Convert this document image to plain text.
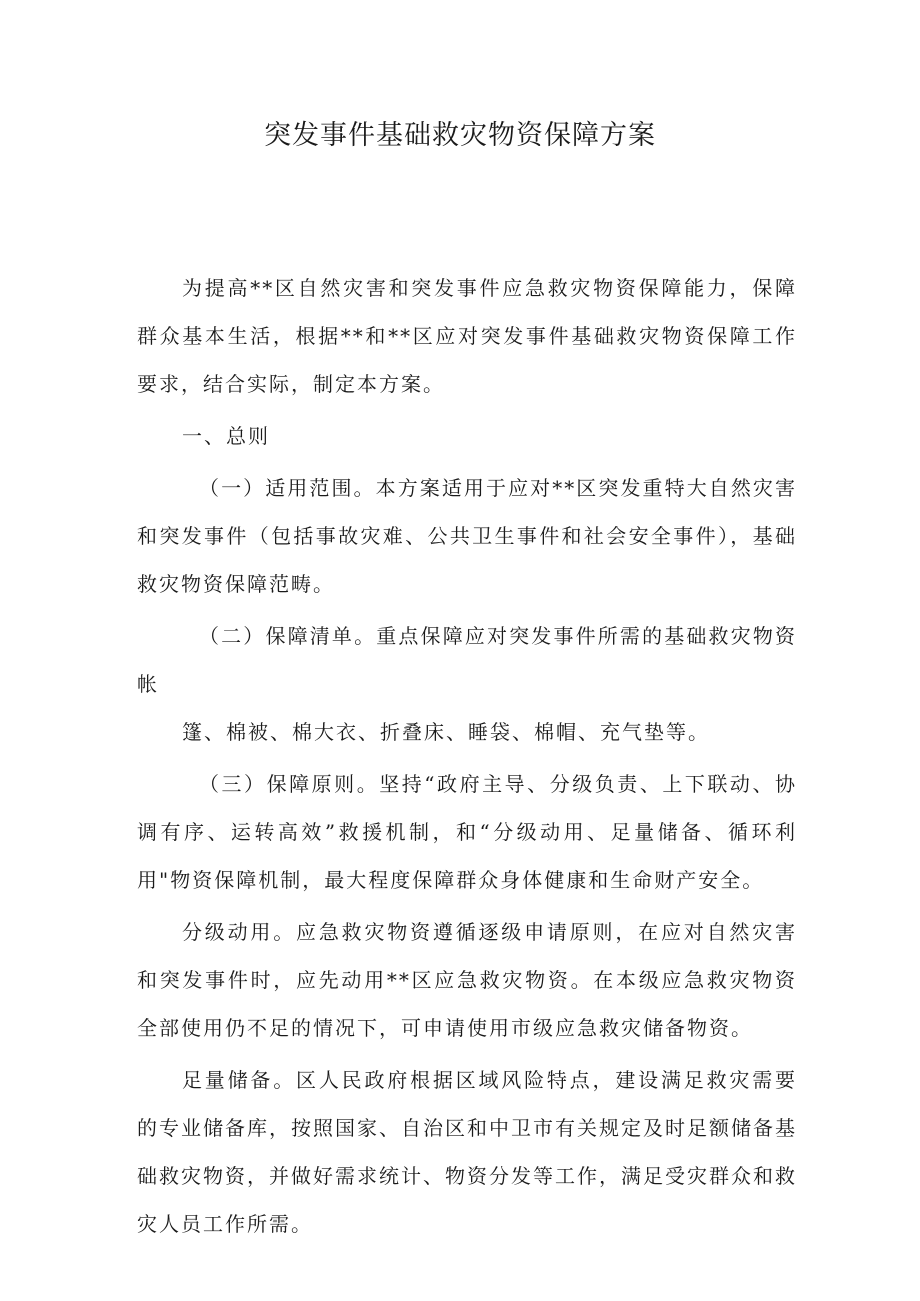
突发事件基础救灾物资保障方案

为提高**区自然灾害和突发事件应急救灾物资保障能力，保障群众基本生活，根据**和**区应对突发事件基础救灾物资保障工作要求，结合实际，制定本方案。

一、总则

（一）适用范围。本方案适用于应对**区突发重特大自然灾害和突发事件（包括事故灾难、公共卫生事件和社会安全事件），基础救灾物资保障范畴。

（二）保障清单。重点保障应对突发事件所需的基础救灾物资帐

篷、棉被、棉大衣、折叠床、睡袋、棉帽、充气垫等。

（三）保障原则。坚持“政府主导、分级负责、上下联动、协调有序、运转高效”救援机制，和“分级动用、足量储备、循环利用"物资保障机制，最大程度保障群众身体健康和生命财产安全。

分级动用。应急救灾物资遵循逐级申请原则，在应对自然灾害和突发事件时，应先动用**区应急救灾物资。在本级应急救灾物资全部使用仍不足的情况下，可申请使用市级应急救灾储备物资。

足量储备。区人民政府根据区域风险特点，建设满足救灾需要的专业储备库，按照国家、自治区和中卫市有关规定及时足额储备基础救灾物资，并做好需求统计、物资分发等工作，满足受灾群众和救灾人员工作所需。
